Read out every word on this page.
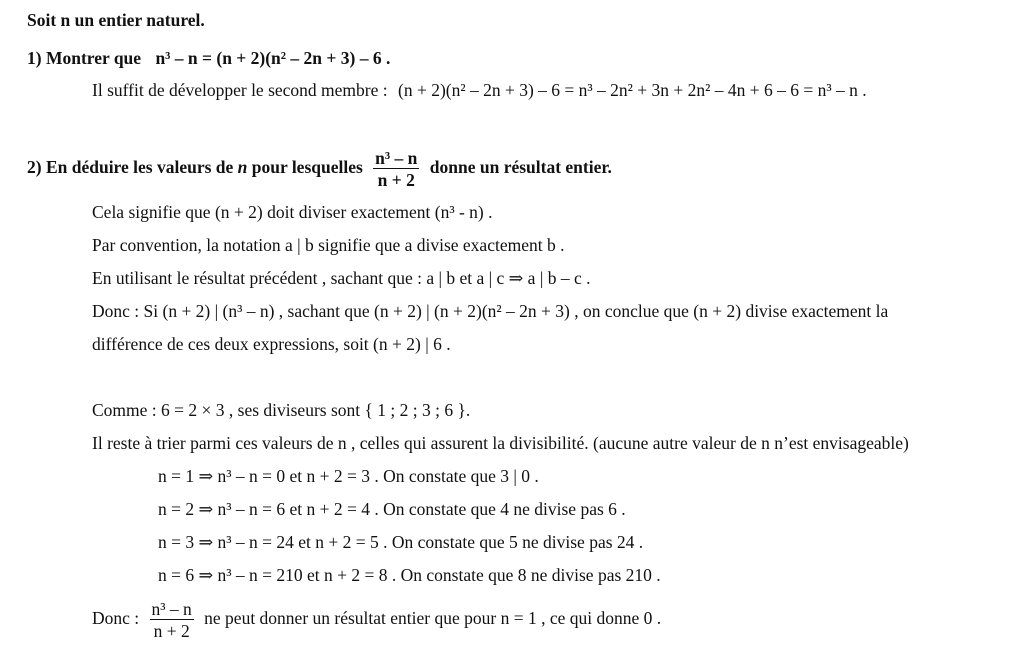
Soit n un entier naturel.
1) Montrer que n³ – n = (n + 2)(n² – 2n + 3) – 6 .
Il suffit de développer le second membre : (n + 2)(n² – 2n + 3) – 6 = n³ – 2n² + 3n + 2n² – 4n + 6 – 6 = n³ – n .
2) En déduire les valeurs de n pour lesquelles $\frac{\text{n³ – n}}{n + 2}$ donne un résultat entier.
Cela signifie que (n + 2) doit diviser exactement (n³ - n) .
Par convention, la notation a | b signifie que a divise exactement b .
En utilisant le résultat précédent , sachant que : a | b et a | c ⇒ a | b – c .
Donc : Si (n + 2) | (n³ – n) , sachant que (n + 2) | (n + 2)(n² – 2n + 3) , on conclue que (n + 2) divise exactement la
différence de ces deux expressions, soit (n + 2) | 6 .
Comme : 6 = 2 × 3 , ses diviseurs sont { 1 ; 2 ; 3 ; 6 }.
Il reste à trier parmi ces valeurs de n , celles qui assurent la divisibilité. (aucune autre valeur de n n’est envisageable)
n = 1 ⇒ n³ – n = 0 et n + 2 = 3 . On constate que 3 | 0 .
n = 2 ⇒ n³ – n = 6 et n + 2 = 4 . On constate que 4 ne divise pas 6 .
n = 3 ⇒ n³ – n = 24 et n + 2 = 5 . On constate que 5 ne divise pas 24 .
n = 6 ⇒ n³ – n = 210 et n + 2 = 8 . On constate que 8 ne divise pas 210 .
Donc : $\frac{\text{n³ – n}}{n + 2}$ ne peut donner un résultat entier que pour n = 1 , ce qui donne 0 .
